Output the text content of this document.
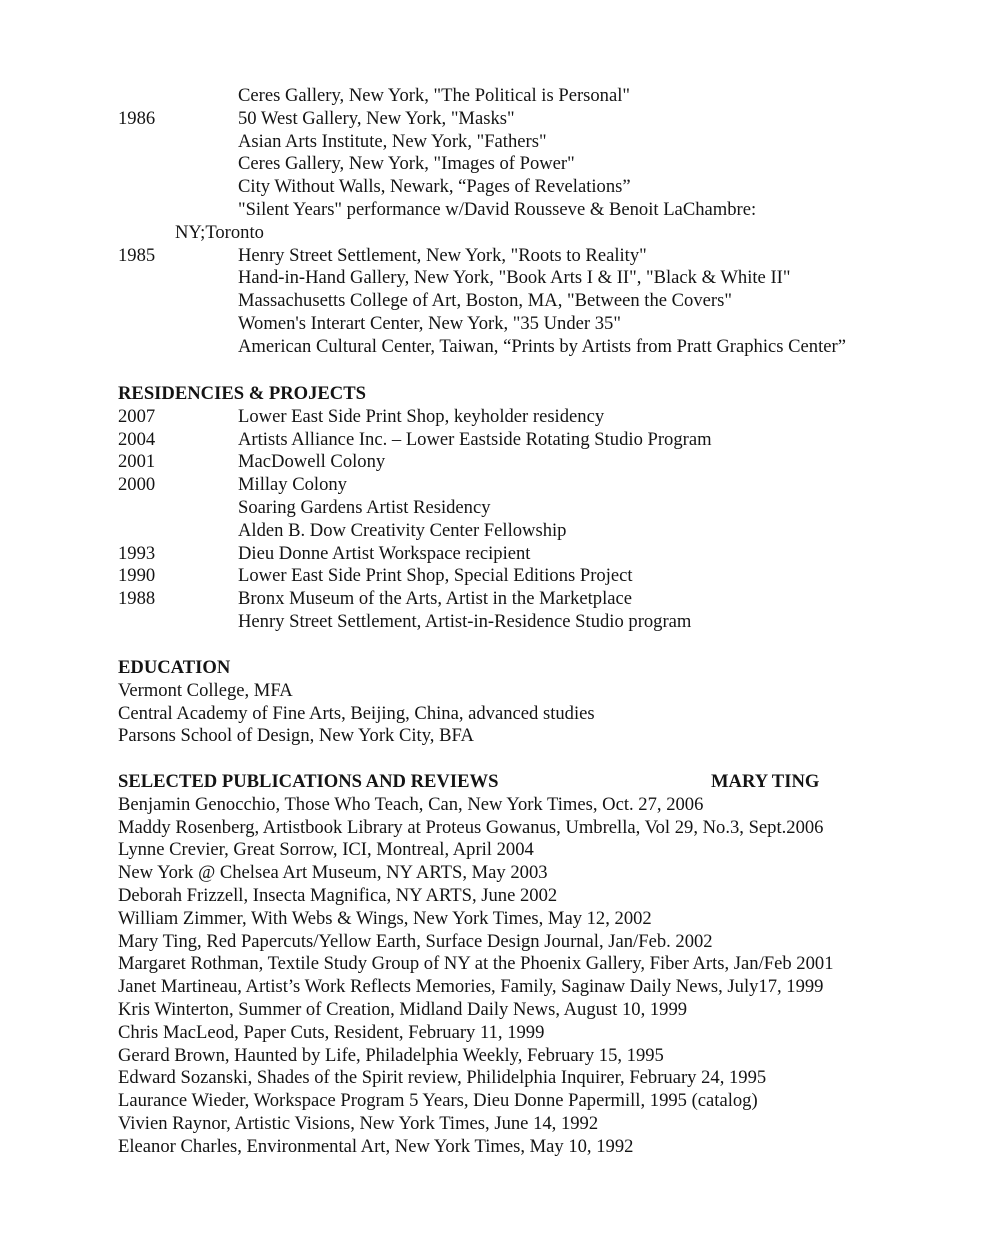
Ceres Gallery, New York, "The Political is Personal"
1986	50 West Gallery, New York, "Masks"
Asian Arts Institute, New York, "Fathers"
Ceres Gallery, New York, "Images of Power"
City Without Walls, Newark, “Pages of Revelations”
"Silent Years" performance w/David Rousseve & Benoit LaChambre:
NY;Toronto
1985	Henry Street Settlement, New York, "Roots to Reality"
Hand-in-Hand Gallery, New York, "Book Arts I & II", "Black & White II"
Massachusetts College of Art, Boston, MA, "Between the Covers"
Women's Interart Center, New York, "35 Under 35"
American Cultural Center, Taiwan, “Prints by Artists from Pratt Graphics Center”
RESIDENCIES & PROJECTS
2007	Lower East Side Print Shop, keyholder residency
2004	Artists Alliance Inc. – Lower Eastside Rotating Studio Program
2001	MacDowell Colony
2000	Millay Colony
Soaring Gardens Artist Residency
Alden B. Dow Creativity Center Fellowship
1993	Dieu Donne Artist Workspace recipient
1990	Lower East Side Print Shop, Special Editions Project
1988	Bronx Museum of the Arts, Artist in the Marketplace
Henry Street Settlement, Artist-in-Residence Studio program
EDUCATION
Vermont College, MFA
Central Academy of Fine Arts, Beijing, China, advanced studies
Parsons School of Design, New York City, BFA
SELECTED PUBLICATIONS AND REVIEWS	MARY TING
Benjamin Genocchio, Those Who Teach, Can, New York Times, Oct. 27, 2006
Maddy Rosenberg, Artistbook Library at Proteus Gowanus, Umbrella, Vol 29, No.3, Sept.2006
Lynne Crevier, Great Sorrow, ICI, Montreal, April 2004
New York @ Chelsea Art Museum, NY ARTS, May 2003
Deborah Frizzell, Insecta Magnifica, NY ARTS, June 2002
William Zimmer, With Webs & Wings, New York Times, May 12, 2002
Mary Ting, Red Papercuts/Yellow Earth, Surface Design Journal, Jan/Feb. 2002
Margaret Rothman, Textile Study Group of NY at the Phoenix Gallery, Fiber Arts, Jan/Feb 2001
Janet Martineau, Artist’s Work Reflects Memories, Family, Saginaw Daily News, July17, 1999
Kris Winterton, Summer of Creation, Midland Daily News, August 10, 1999
Chris MacLeod, Paper Cuts, Resident, February 11, 1999
Gerard Brown, Haunted by Life, Philadelphia Weekly, February 15, 1995
Edward Sozanski, Shades of the Spirit review, Philidelphia Inquirer, February 24, 1995
Laurance Wieder, Workspace Program 5 Years, Dieu Donne Papermill, 1995 (catalog)
Vivien Raynor, Artistic Visions, New York Times, June 14, 1992
Eleanor Charles, Environmental Art, New York Times, May 10, 1992
